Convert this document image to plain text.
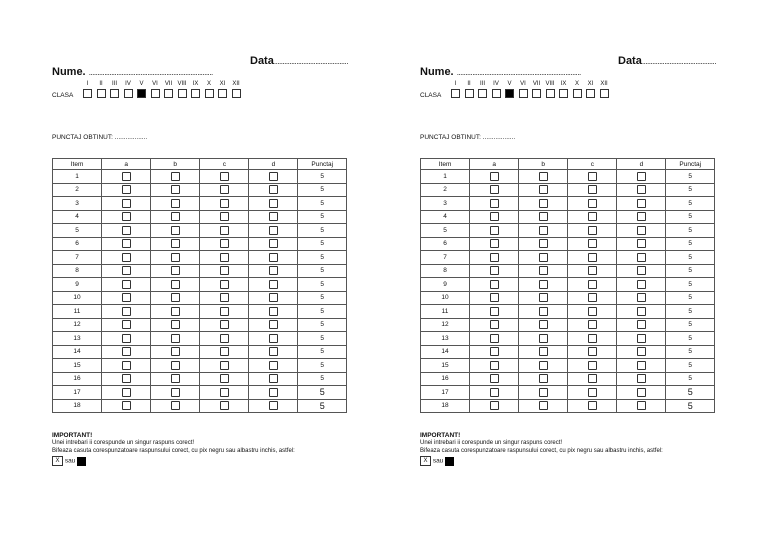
Data...........................................
Nume. ........................................................................
I	II	III	IV	V	VI	VII VIII	IX	X	XI	XII
CLASA
PUNCTAJ OBTINUT: ..................
Item	a	b	c	d	Punctaj
1					5
2					5
3					5
4					5
5					5
6					5
7					5
8					5
9					5
10					5
11					5
12					5
13					5
14					5
15					5
16					5
17					5
18					5
IMPORTANT!
Unei intrebari ii corespunde un singur raspuns corect!
Bifeaza casuta corespunzatoare raspunsului corect, cu pix negru sau albastru inchis, astfel:
X sau
Data...........................................
Nume. ........................................................................
I	II	III	IV	V	VI	VII VIII	IX	X	XI	XII
CLASA
PUNCTAJ OBTINUT: ..................
Item	a	b	c	d	Punctaj
1					5
2					5
3					5
4					5
5					5
6					5
7					5
8					5
9					5
10					5
11					5
12					5
13					5
14					5
15					5
16					5
17					5
18					5
IMPORTANT!
Unei intrebari ii corespunde un singur raspuns corect!
Bifeaza casuta corespunzatoare raspunsului corect, cu pix negru sau albastru inchis, astfel:
X sau
